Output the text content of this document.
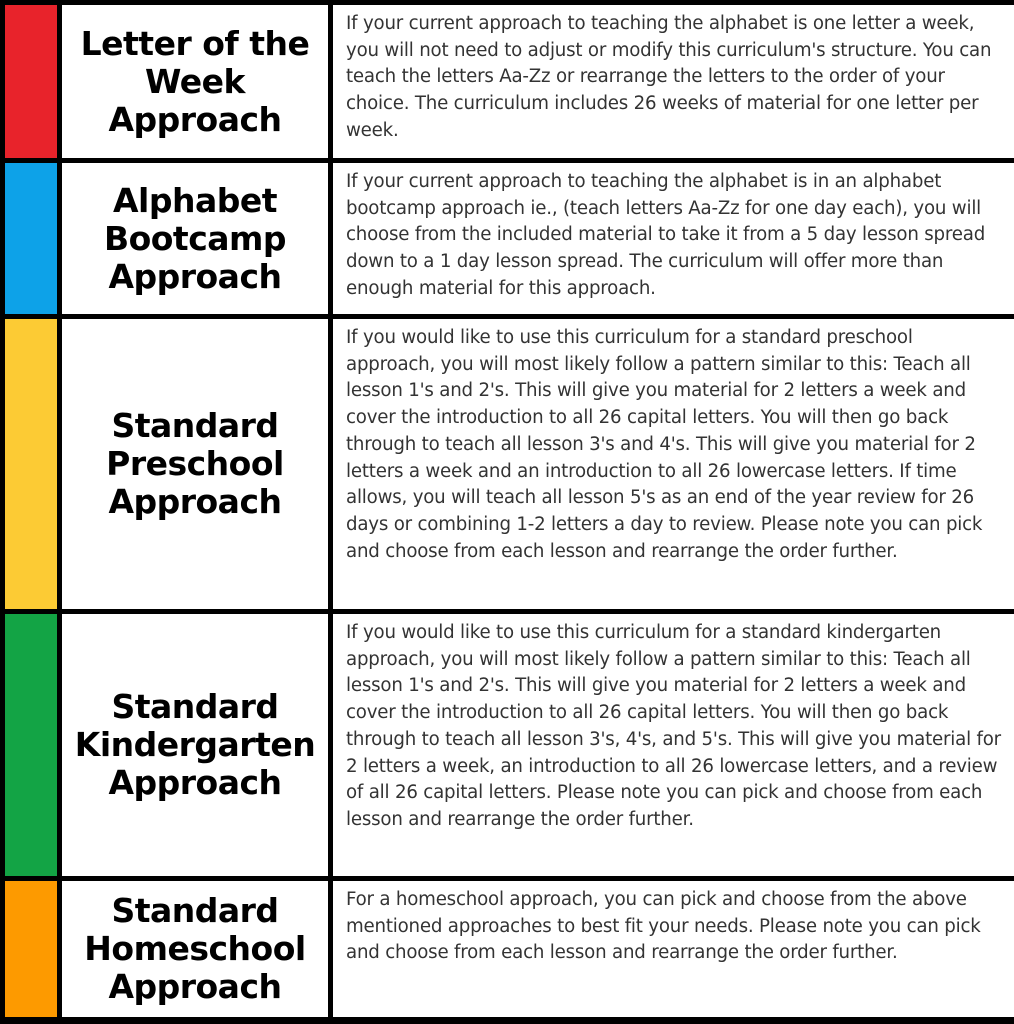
Letter of the
Week
Approach

If your current approach to teaching the alphabet is one letter a week, you will not need to adjust or modify this curriculum's structure. You can teach the letters Aa-Zz or rearrange the letters to the order of your choice. The curriculum includes 26 weeks of material for one letter per week.

Alphabet
Bootcamp
Approach

If your current approach to teaching the alphabet is in an alphabet bootcamp approach ie., (teach letters Aa-Zz for one day each), you will choose from the included material to take it from a 5 day lesson spread down to a 1 day lesson spread. The curriculum will offer more than enough material for this approach.

Standard
Preschool
Approach

If you would like to use this curriculum for a standard preschool approach, you will most likely follow a pattern similar to this: Teach all lesson 1's and 2's. This will give you material for 2 letters a week and cover the introduction to all 26 capital letters. You will then go back through to teach all lesson 3's and 4's. This will give you material for 2 letters a week and an introduction to all 26 lowercase letters. If time allows, you will teach all lesson 5's as an end of the year review for 26 days or combining 1-2 letters a day to review. Please note you can pick and choose from each lesson and rearrange the order further.

Standard
Kindergarten
Approach

If you would like to use this curriculum for a standard kindergarten approach, you will most likely follow a pattern similar to this: Teach all lesson 1's and 2's. This will give you material for 2 letters a week and cover the introduction to all 26 capital letters. You will then go back through to teach all lesson 3's, 4's, and 5's. This will give you material for 2 letters a week, an introduction to all 26 lowercase letters, and a review of all 26 capital letters. Please note you can pick and choose from each lesson and rearrange the order further.

Standard
Homeschool
Approach

For a homeschool approach, you can pick and choose from the above mentioned approaches to best fit your needs. Please note you can pick and choose from each lesson and rearrange the order further.
